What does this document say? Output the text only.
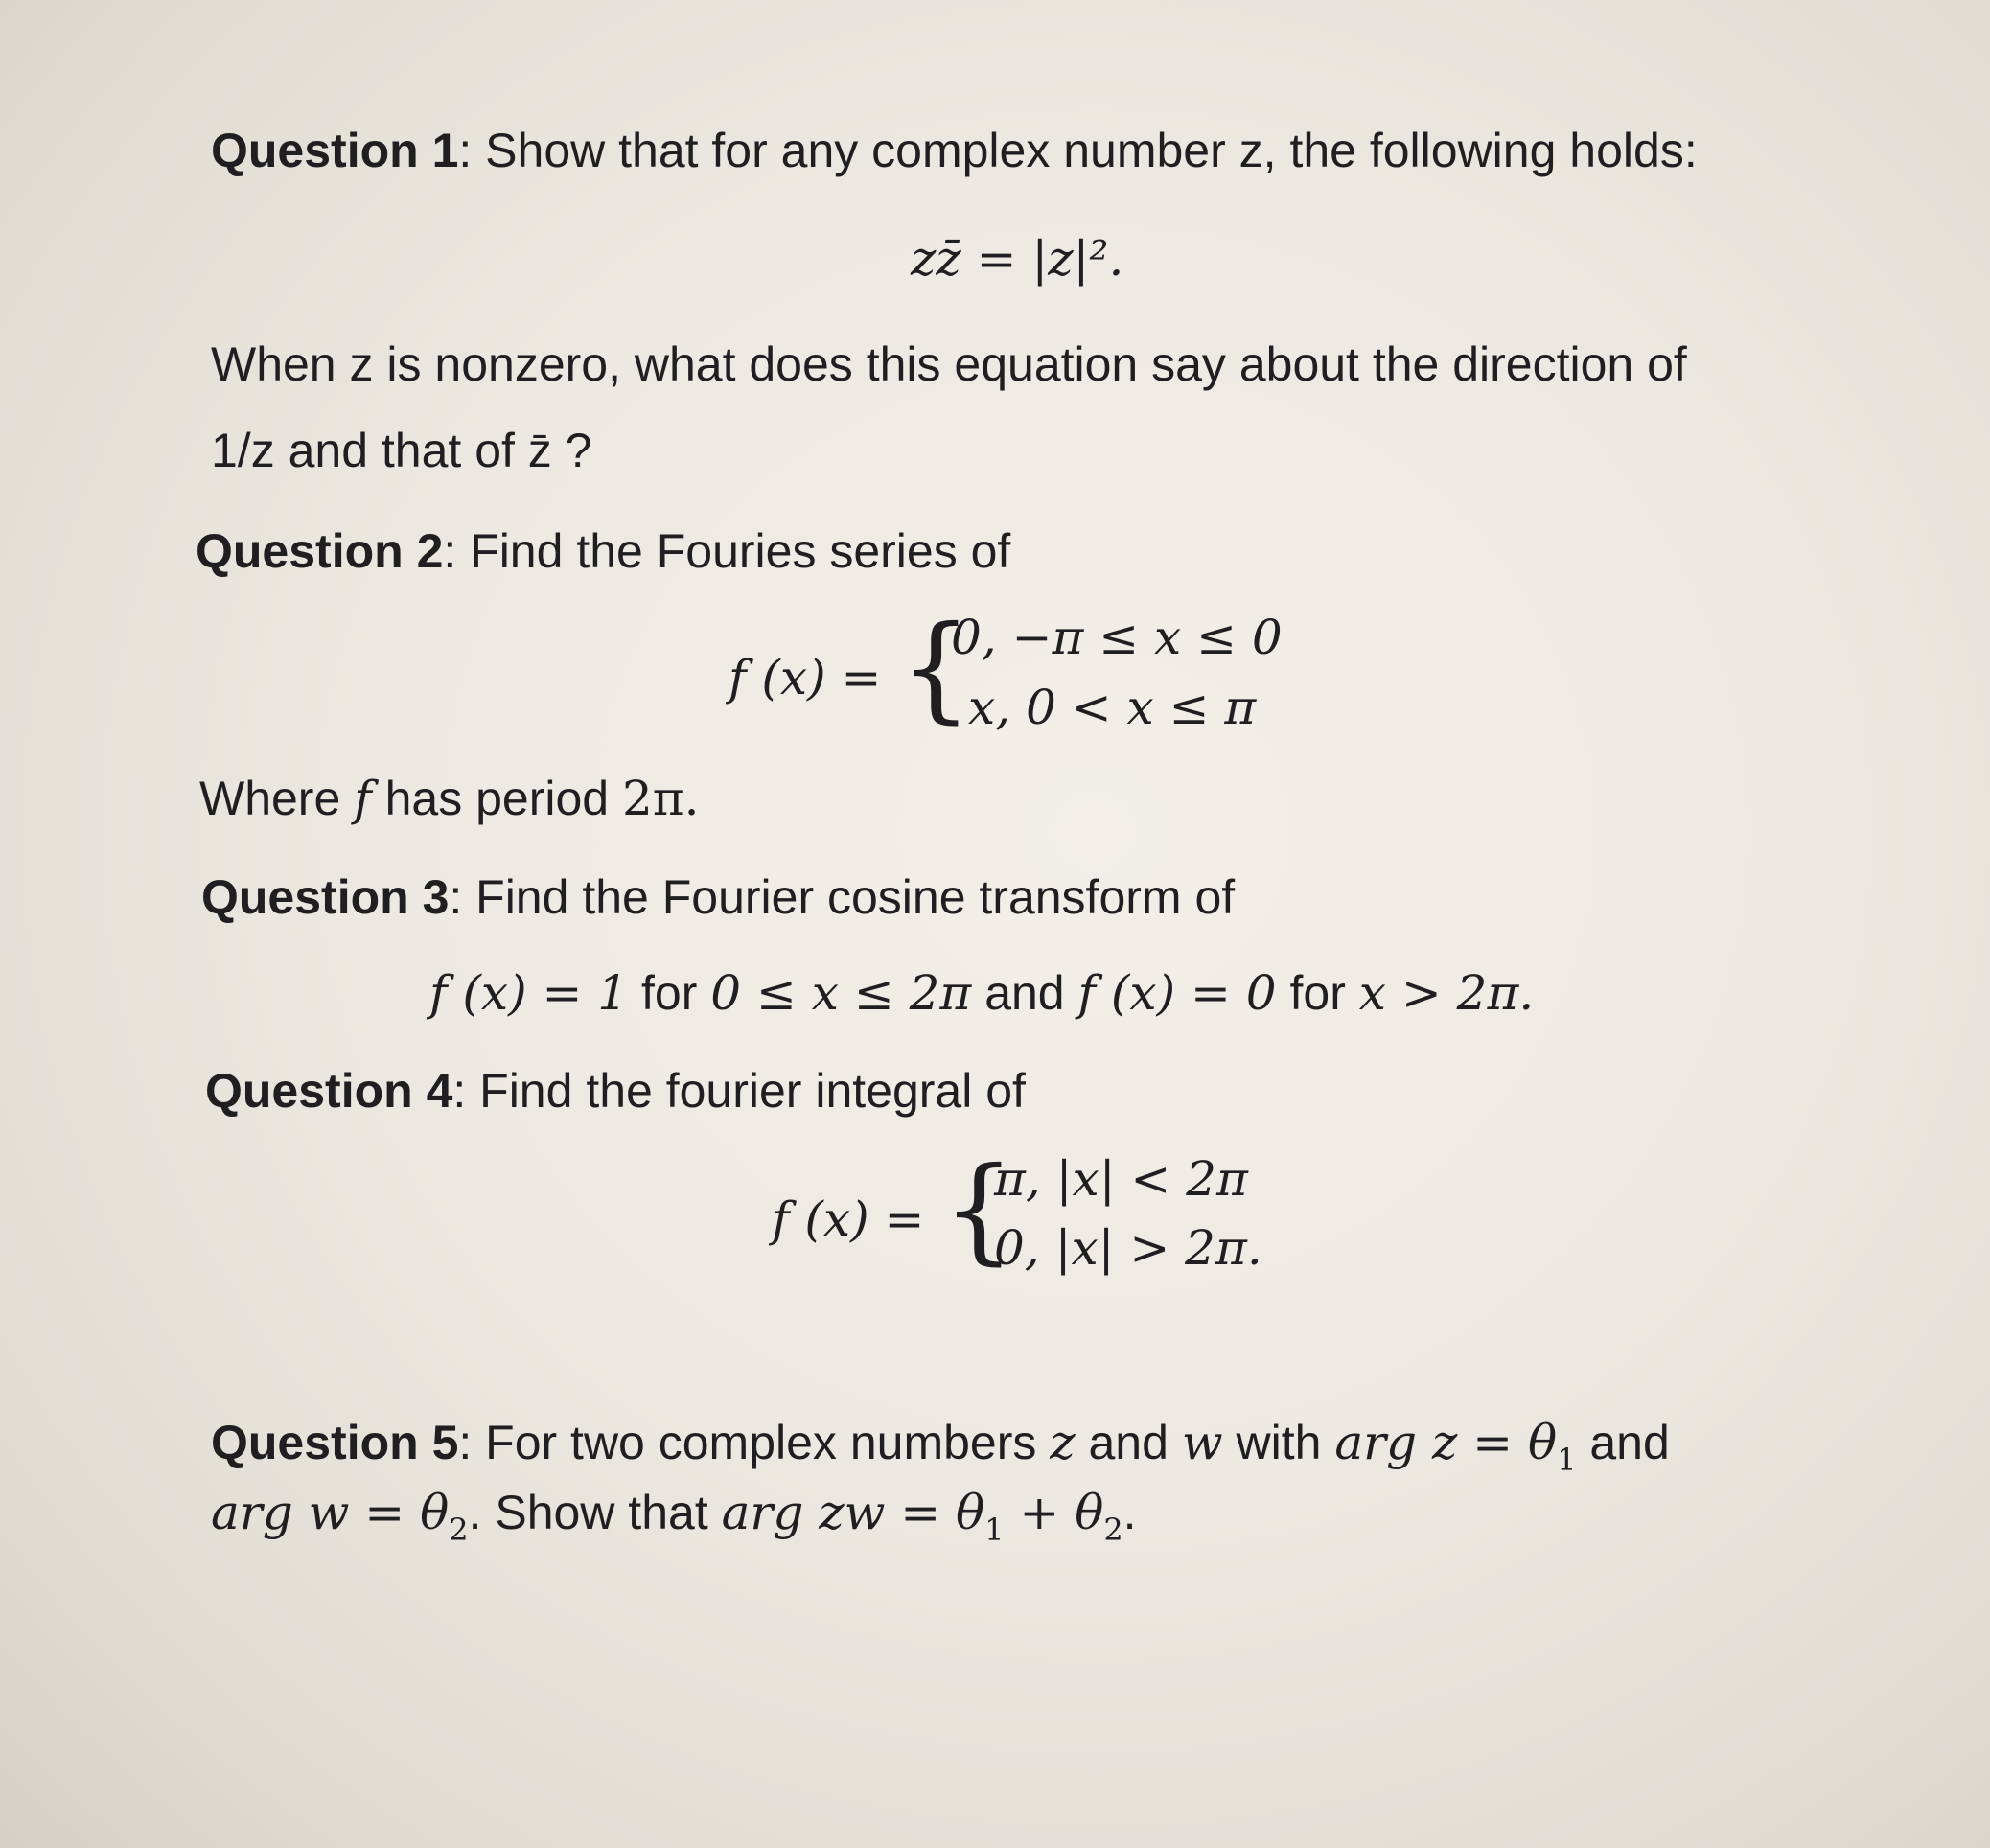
Question 1: Show that for any complex number z, the following holds:
zz̄ = |z|².
When z is nonzero, what does this equation say about the direction of
1/z and that of z̄ ?
Question 2: Find the Fouries series of
f (x) = {
0, −π ≤ x ≤ 0
x, 0 < x ≤ π
Where f has period 2π.
Question 3: Find the Fourier cosine transform of
f (x) = 1 for 0 ≤ x ≤ 2π and f (x) = 0 for x > 2π.
Question 4: Find the fourier integral of
f (x) = {
π, |x| < 2π
0, |x| > 2π.
Question 5: For two complex numbers z and w with arg $z = \theta_1$ and
arg $w = \theta_2$. Show that arg zw = $\theta_1 + \theta_2$.
